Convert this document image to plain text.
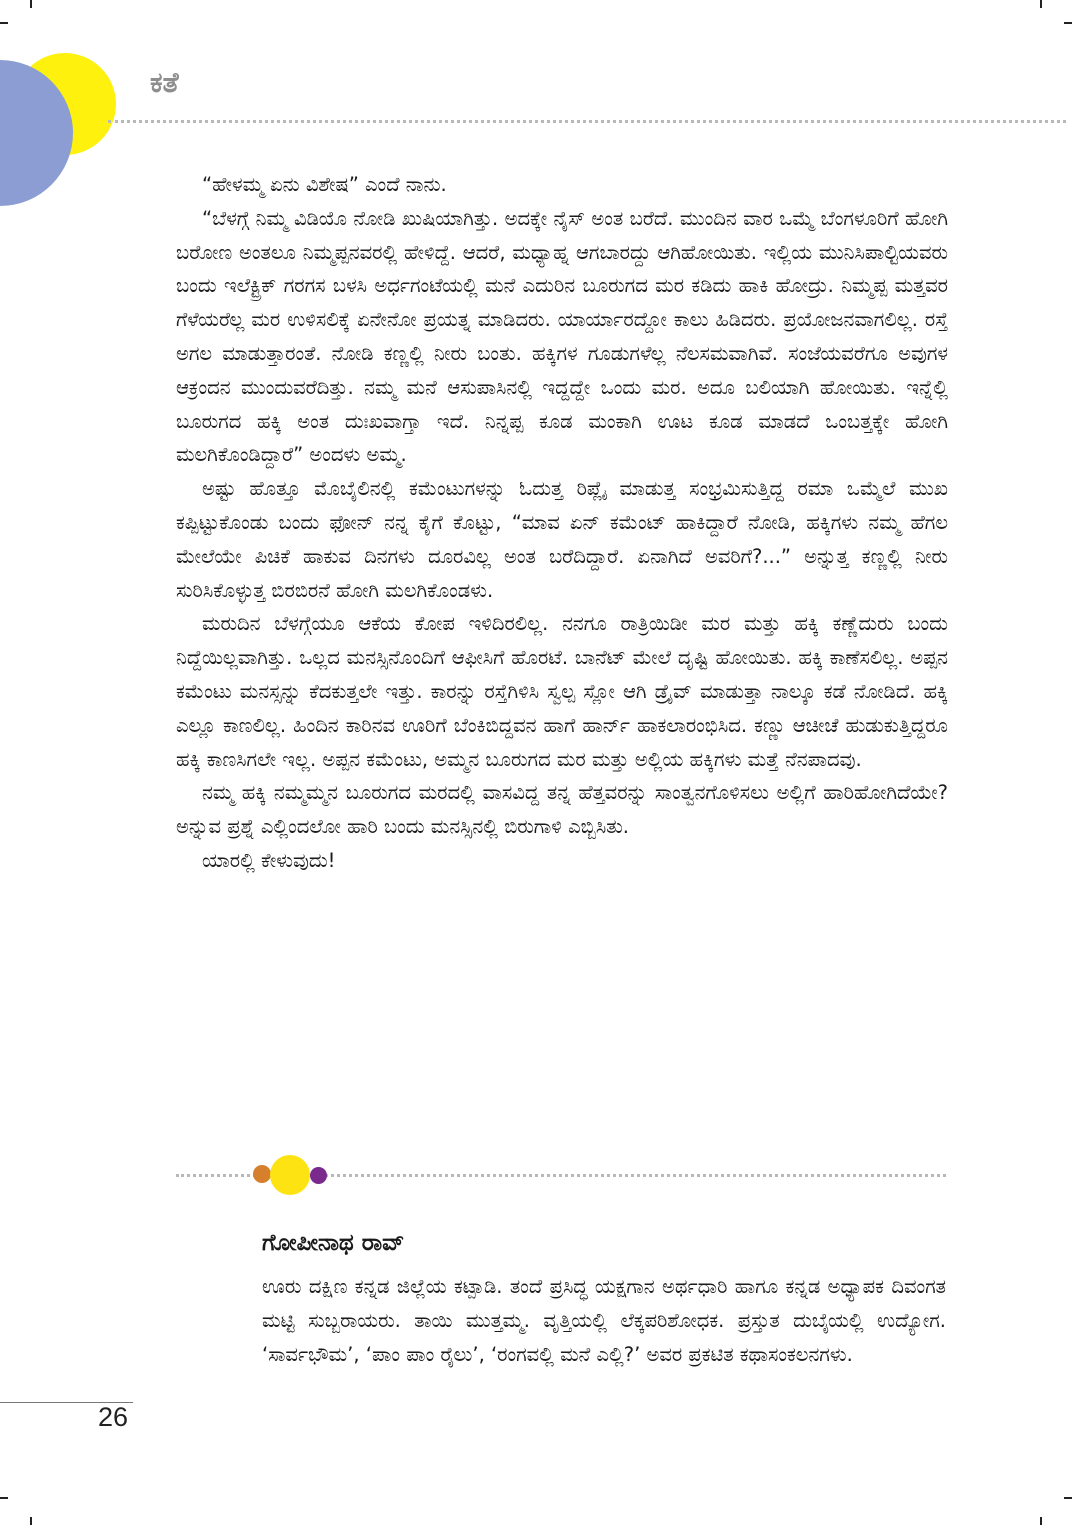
ಕತೆ

“ಹೇಳಮ್ಮ ಏನು ವಿಶೇಷ” ಎಂದೆ ನಾನು.

“ಬೆಳಗ್ಗೆ ನಿಮ್ಮ ವಿಡಿಯೊ ನೋಡಿ ಖುಷಿಯಾಗಿತ್ತು. ಅದಕ್ಕೇ ನೈಸ್ ಅಂತ ಬರೆದೆ. ಮುಂದಿನ ವಾರ ಒಮ್ಮೆ ಬೆಂಗಳೂರಿಗೆ ಹೋಗಿ ಬರೋಣ ಅಂತಲೂ ನಿಮ್ಮಪ್ಪನವರಲ್ಲಿ ಹೇಳಿದ್ದೆ. ಆದರೆ, ಮಧ್ಯಾಹ್ನ ಆಗಬಾರದ್ದು ಆಗಿಹೋಯಿತು. ಇಲ್ಲಿಯ ಮುನಿಸಿಪಾಲ್ಟಿಯವರು ಬಂದು ಇಲೆಕ್ಟ್ರಿಕ್ ಗರಗಸ ಬಳಸಿ ಅರ್ಧಗಂಟೆಯಲ್ಲಿ ಮನೆ ಎದುರಿನ ಬೂರುಗದ ಮರ ಕಡಿದು ಹಾಕಿ ಹೋದ್ರು. ನಿಮ್ಮಪ್ಪ ಮತ್ತವರ ಗೆಳೆಯರೆಲ್ಲ ಮರ ಉಳಿಸಲಿಕ್ಕೆ ಏನೇನೋ ಪ್ರಯತ್ನ ಮಾಡಿದರು. ಯಾರ್ಯಾರದ್ದೋ ಕಾಲು ಹಿಡಿದರು. ಪ್ರಯೋಜನವಾಗಲಿಲ್ಲ. ರಸ್ತೆ ಅಗಲ ಮಾಡುತ್ತಾರಂತೆ. ನೋಡಿ ಕಣ್ಣಲ್ಲಿ ನೀರು ಬಂತು. ಹಕ್ಕಿಗಳ ಗೂಡುಗಳೆಲ್ಲ ನೆಲಸಮವಾಗಿವೆ. ಸಂಜೆಯವರೆಗೂ ಅವುಗಳ ಆಕ್ರಂದನ ಮುಂದುವರೆದಿತ್ತು. ನಮ್ಮ ಮನೆ ಆಸುಪಾಸಿನಲ್ಲಿ ಇದ್ದದ್ದೇ ಒಂದು ಮರ. ಅದೂ ಬಲಿಯಾಗಿ ಹೋಯಿತು. ಇನ್ನೆಲ್ಲಿ ಬೂರುಗದ ಹಕ್ಕಿ ಅಂತ ದುಃಖವಾಗ್ತಾ ಇದೆ. ನಿನ್ನಪ್ಪ ಕೂಡ ಮಂಕಾಗಿ ಊಟ ಕೂಡ ಮಾಡದೆ ಒಂಬತ್ತಕ್ಕೇ ಹೋಗಿ ಮಲಗಿಕೊಂಡಿದ್ದಾರೆ” ಅಂದಳು ಅಮ್ಮ.

ಅಷ್ಟು ಹೊತ್ತೂ ಮೊಬೈಲಿನಲ್ಲಿ ಕಮೆಂಟುಗಳನ್ನು ಓದುತ್ತ ರಿಪ್ಲೈ ಮಾಡುತ್ತ ಸಂಭ್ರಮಿಸುತ್ತಿದ್ದ ರಮಾ ಒಮ್ಮೆಲೆ ಮುಖ ಕಪ್ಪಿಟ್ಟುಕೊಂಡು ಬಂದು ಫೋನ್ ನನ್ನ ಕೈಗೆ ಕೊಟ್ಟು, “ಮಾವ ಏನ್ ಕಮೆಂಟ್ ಹಾಕಿದ್ದಾರೆ ನೋಡಿ, ಹಕ್ಕಿಗಳು ನಮ್ಮ ಹೆಗಲ ಮೇಲೆಯೇ ಪಿಚಿಕೆ ಹಾಕುವ ದಿನಗಳು ದೂರವಿಲ್ಲ ಅಂತ ಬರೆದಿದ್ದಾರೆ. ಏನಾಗಿದೆ ಅವರಿಗೆ?...” ಅನ್ನುತ್ತ ಕಣ್ಣಲ್ಲಿ ನೀರು ಸುರಿಸಿಕೊಳ್ಳುತ್ತ ಬಿರಬಿರನೆ ಹೋಗಿ ಮಲಗಿಕೊಂಡಳು.

ಮರುದಿನ ಬೆಳಗ್ಗೆಯೂ ಆಕೆಯ ಕೋಪ ಇಳಿದಿರಲಿಲ್ಲ. ನನಗೂ ರಾತ್ರಿಯಿಡೀ ಮರ ಮತ್ತು ಹಕ್ಕಿ ಕಣ್ಣೆದುರು ಬಂದು ನಿದ್ದೆಯಿಲ್ಲವಾಗಿತ್ತು. ಒಲ್ಲದ ಮನಸ್ಸಿನೊಂದಿಗೆ ಆಫೀಸಿಗೆ ಹೊರಟೆ. ಬಾನೆಟ್ ಮೇಲೆ ದೃಷ್ಟಿ ಹೋಯಿತು. ಹಕ್ಕಿ ಕಾಣೆಸಲಿಲ್ಲ. ಅಪ್ಪನ ಕಮೆಂಟು ಮನಸ್ಸನ್ನು ಕೆದಕುತ್ತಲೇ ಇತ್ತು. ಕಾರನ್ನು ರಸ್ತೆಗಿಳಿಸಿ ಸ್ವಲ್ಪ ಸ್ಲೋ ಆಗಿ ಡ್ರೈವ್ ಮಾಡುತ್ತಾ ನಾಲ್ಕೂ ಕಡೆ ನೋಡಿದೆ. ಹಕ್ಕಿ ಎಲ್ಲೂ ಕಾಣಲಿಲ್ಲ. ಹಿಂದಿನ ಕಾರಿನವ ಊರಿಗೆ ಬೆಂಕಿಬಿದ್ದವನ ಹಾಗೆ ಹಾರ್ನ್ ಹಾಕಲಾರಂಭಿಸಿದ. ಕಣ್ಣು ಆಚೀಚೆ ಹುಡುಕುತ್ತಿದ್ದರೂ ಹಕ್ಕಿ ಕಾಣಸಿಗಲೇ ಇಲ್ಲ. ಅಪ್ಪನ ಕಮೆಂಟು, ಅಮ್ಮನ ಬೂರುಗದ ಮರ ಮತ್ತು ಅಲ್ಲಿಯ ಹಕ್ಕಿಗಳು ಮತ್ತೆ ನೆನಪಾದವು.

ನಮ್ಮ ಹಕ್ಕಿ ನಮ್ಮಮ್ಮನ ಬೂರುಗದ ಮರದಲ್ಲಿ ವಾಸವಿದ್ದ ತನ್ನ ಹೆತ್ತವರನ್ನು ಸಾಂತ್ವನಗೊಳಿಸಲು ಅಲ್ಲಿಗೆ ಹಾರಿಹೋಗಿದೆಯೇ? ಅನ್ನುವ ಪ್ರಶ್ನೆ ಎಲ್ಲಿಂದಲೋ ಹಾರಿ ಬಂದು ಮನಸ್ಸಿನಲ್ಲಿ ಬಿರುಗಾಳಿ ಎಬ್ಬಿಸಿತು.

ಯಾರಲ್ಲಿ ಕೇಳುವುದು!

ಗೋಪೀನಾಥ ರಾವ್
ಊರು ದಕ್ಷಿಣ ಕನ್ನಡ ಜಿಲ್ಲೆಯ ಕಟ್ಪಾಡಿ. ತಂದೆ ಪ್ರಸಿದ್ಧ ಯಕ್ಷಗಾನ ಅರ್ಥಧಾರಿ ಹಾಗೂ ಕನ್ನಡ ಅಧ್ಯಾಪಕ ದಿವಂಗತ ಮಟ್ಟಿ ಸುಬ್ಬರಾಯರು. ತಾಯಿ ಮುತ್ತಮ್ಮ. ವೃತ್ತಿಯಲ್ಲಿ ಲೆಕ್ಕಪರಿಶೋಧಕ. ಪ್ರಸ್ತುತ ದುಬೈಯಲ್ಲಿ ಉದ್ಯೋಗ. ‘ಸಾರ್ವಭೌಮ’, ‘ಪಾಂ ಪಾಂ ರೈಲು’, ‘ರಂಗವಲ್ಲಿ ಮನೆ ಎಲ್ಲಿ?’ ಅವರ ಪ್ರಕಟಿತ ಕಥಾಸಂಕಲನಗಳು.
26
